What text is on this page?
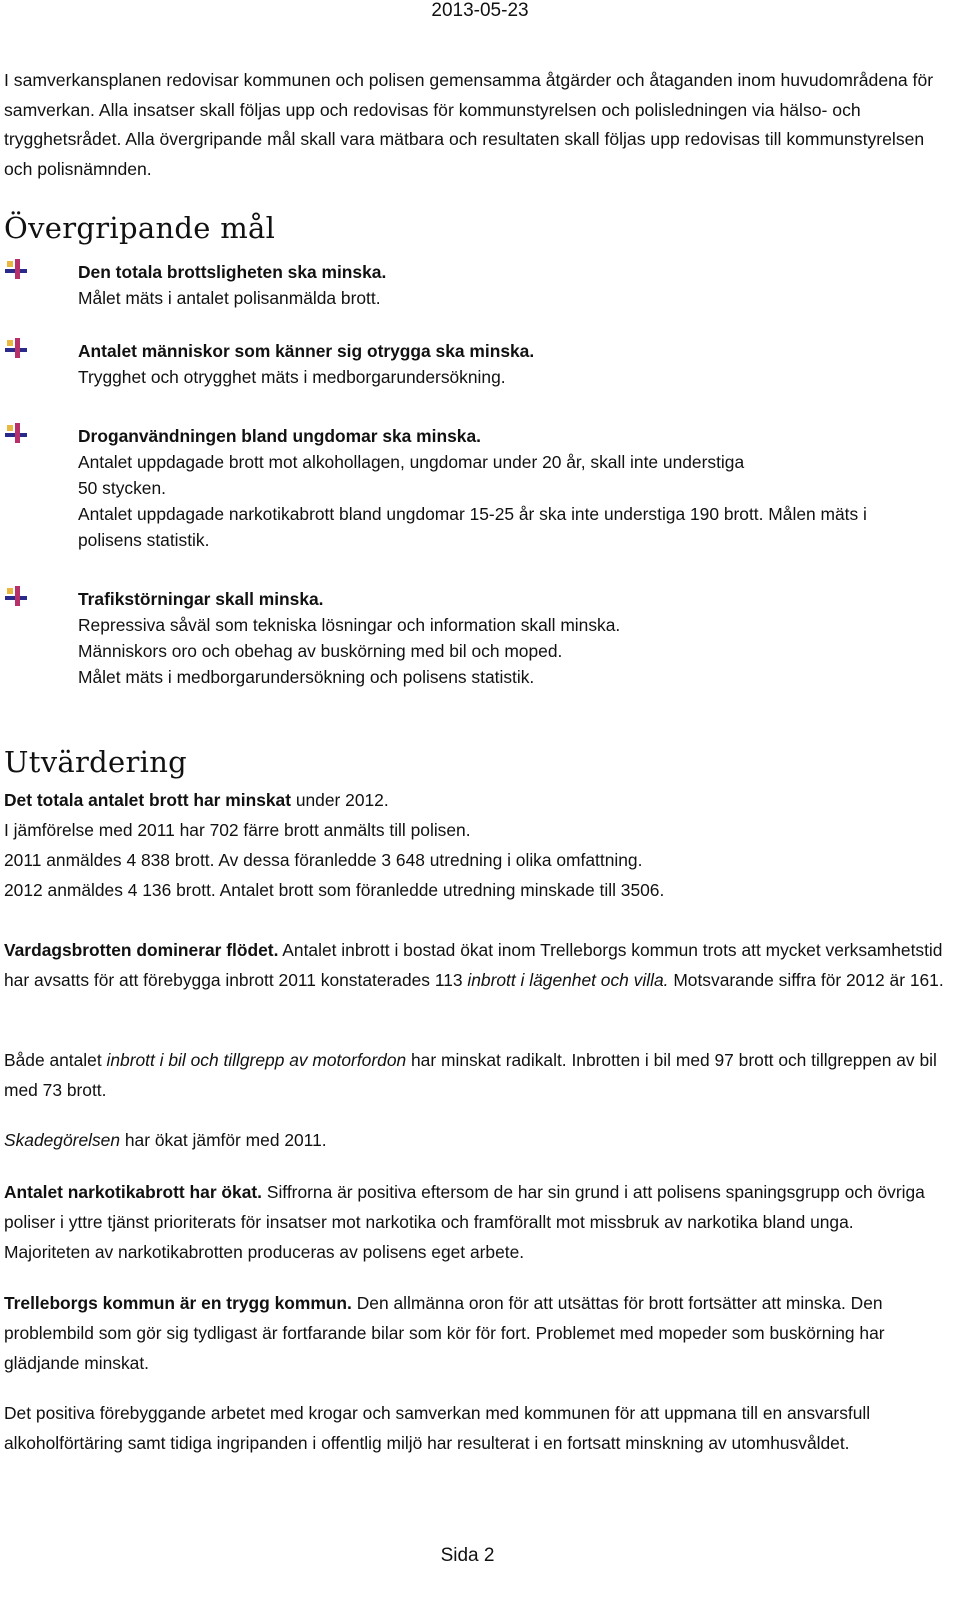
2013-05-23

I samverkansplanen redovisar kommunen och polisen gemensamma åtgärder och åtaganden inom huvudområdena för samverkan. Alla insatser skall följas upp och redovisas för kommunstyrelsen och polisledningen via hälso- och trygghetsrådet. Alla övergripande mål skall vara mätbara och resultaten skall följas upp redovisas till kommunstyrelsen och polisnämnden.

Övergripande mål
Den totala brottsligheten ska minska.
Målet mäts i antalet polisanmälda brott.
Antalet människor som känner sig otrygga ska minska.
Trygghet och otrygghet mäts i medborgarundersökning.
Droganvändningen bland ungdomar ska minska.
Antalet uppdagade brott mot alkohollagen, ungdomar under 20 år, skall inte understiga 50 stycken.
Antalet uppdagade narkotikabrott bland ungdomar 15-25 år ska inte understiga 190 brott. Målen mäts i polisens statistik.
Trafikstörningar skall minska.
Repressiva såväl som tekniska lösningar och information skall minska.
Människors oro och obehag av buskörning med bil och moped.
Målet mäts i medborgarundersökning och polisens statistik.
Utvärdering
Det totala antalet brott har minskat under 2012.
I jämförelse med 2011 har 702 färre brott anmälts till polisen.
2011 anmäldes 4 838 brott. Av dessa föranledde 3 648 utredning i olika omfattning.
2012 anmäldes 4 136 brott. Antalet brott som föranledde utredning minskade till 3506.

Vardagsbrotten dominerar flödet. Antalet inbrott i bostad ökat inom Trelleborgs kommun trots att mycket verksamhetstid har avsatts för att förebygga inbrott 2011 konstaterades 113 inbrott i lägenhet och villa. Motsvarande siffra för 2012 är 161.

Både antalet inbrott i bil och tillgrepp av motorfordon har minskat radikalt. Inbrotten i bil med 97 brott och tillgreppen av bil med 73 brott.

Skadegörelsen har ökat jämför med 2011.

Antalet narkotikabrott har ökat. Siffrorna är positiva eftersom de har sin grund i att polisens spaningsgrupp och övriga poliser i yttre tjänst prioriterats för insatser mot narkotika och framförallt mot missbruk av narkotika bland unga. Majoriteten av narkotikabrotten produceras av polisens eget arbete.

Trelleborgs kommun är en trygg kommun. Den allmänna oron för att utsättas för brott fortsätter att minska. Den problembild som gör sig tydligast är fortfarande bilar som kör för fort. Problemet med mopeder som buskörning har glädjande minskat.

Det positiva förebyggande arbetet med krogar och samverkan med kommunen för att uppmana till en ansvarsfull alkoholförtäring samt tidiga ingripanden i offentlig miljö har resulterat i en fortsatt minskning av utomhusvåldet.

Sida 2
